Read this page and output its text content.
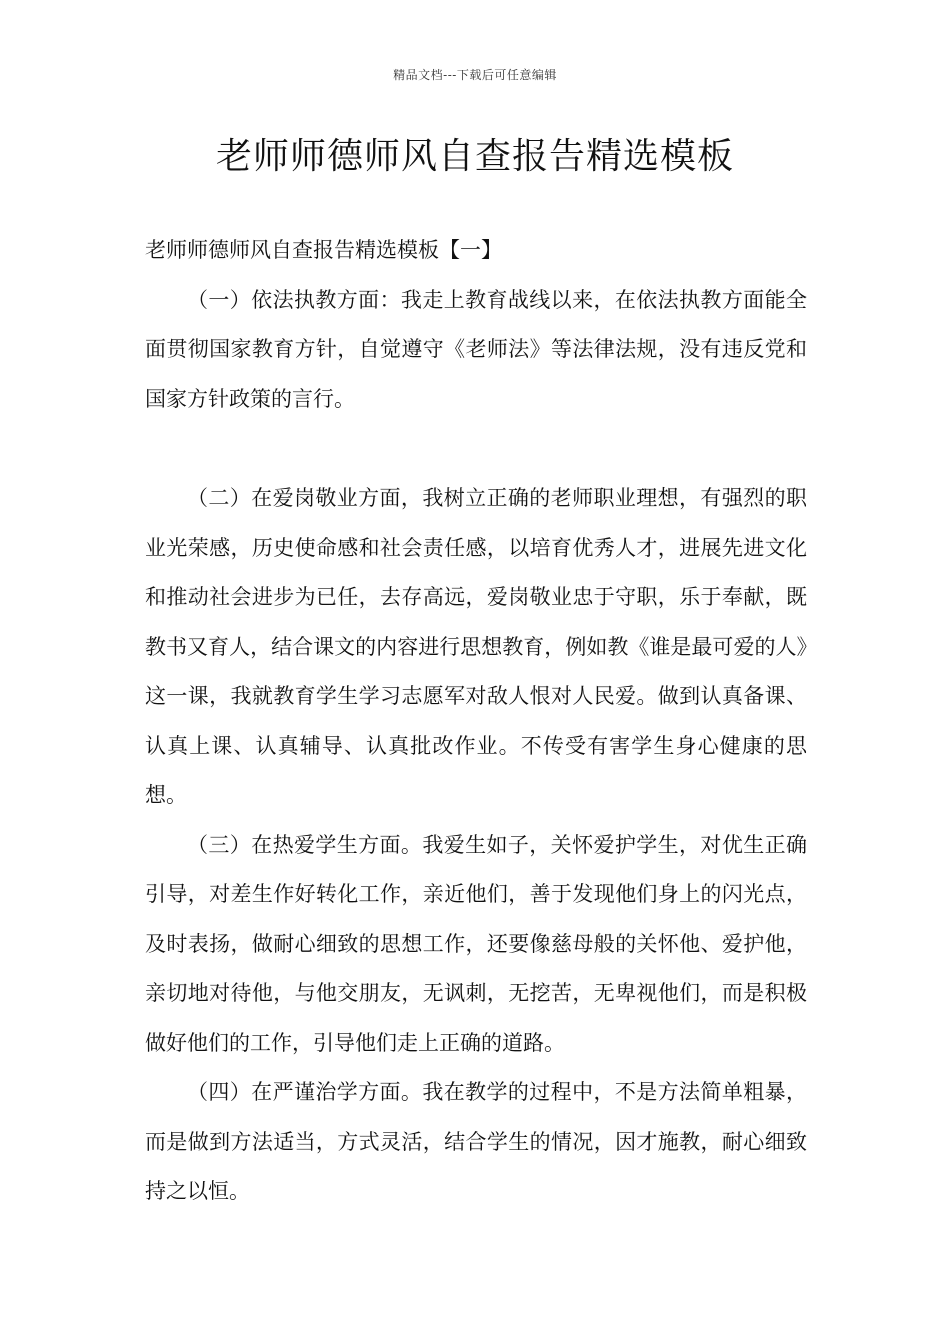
精品文档---下载后可任意编辑
老师师德师风自查报告精选模板

老师师德师风自查报告精选模板【一】

（一）依法执教方面：我走上教育战线以来，在依法执教方面能全面贯彻国家教育方针，自觉遵守《老师法》等法律法规，没有违反党和国家方针政策的言行。

（二）在爱岗敬业方面，我树立正确的老师职业理想，有强烈的职业光荣感，历史使命感和社会责任感，以培育优秀人才，进展先进文化和推动社会进步为已任，去存高远，爱岗敬业忠于守职，乐于奉献，既教书又育人，结合课文的内容进行思想教育，例如教《谁是最可爱的人》这一课，我就教育学生学习志愿军对敌人恨对人民爱。做到认真备课、认真上课、认真辅导、认真批改作业。不传受有害学生身心健康的思想。

（三）在热爱学生方面。我爱生如子，关怀爱护学生，对优生正确引导，对差生作好转化工作，亲近他们，善于发现他们身上的闪光点，及时表扬，做耐心细致的思想工作，还要像慈母般的关怀他、爱护他，亲切地对待他，与他交朋友，无讽刺，无挖苦，无卑视他们，而是积极做好他们的工作，引导他们走上正确的道路。

（四）在严谨治学方面。我在教学的过程中，不是方法简单粗暴，而是做到方法适当，方式灵活，结合学生的情况，因才施教，耐心细致持之以恒。
